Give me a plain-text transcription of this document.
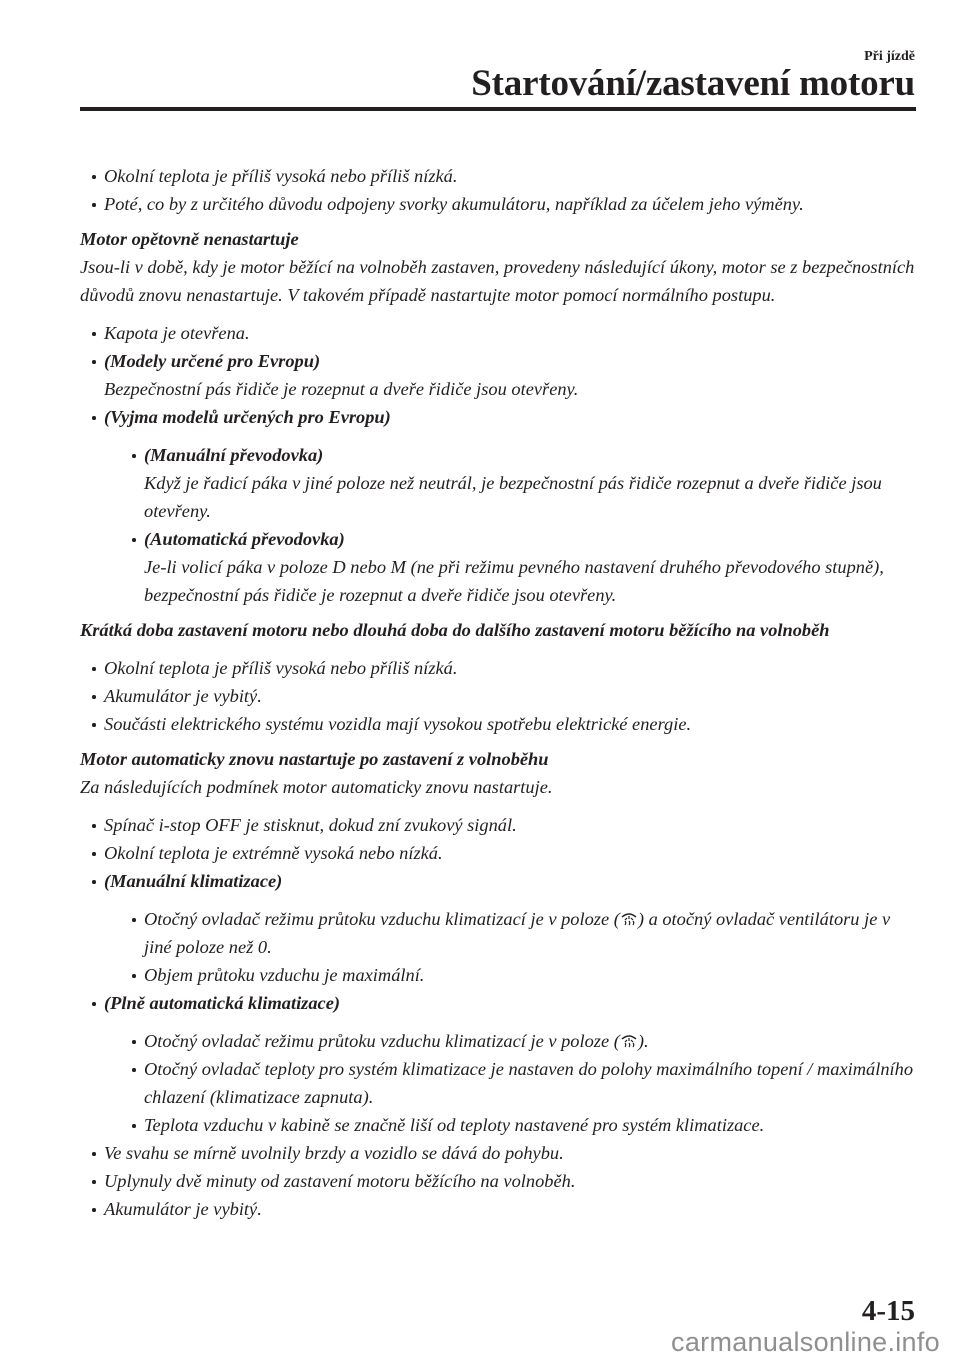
Při jízdě
Startování/zastavení motoru
Okolní teplota je příliš vysoká nebo příliš nízká.
Poté, co by z určitého důvodu odpojeny svorky akumulátoru, například za účelem jeho výměny.

Motor opětovně nenastartuje

Jsou-li v době, kdy je motor běžící na volnoběh zastaven, provedeny následující úkony, motor se z bezpečnostních důvodů znovu nenastartuje. V takovém případě nastartujte motor pomocí normálního postupu.

Kapota je otevřena.
(Modely určené pro Evropu)
Bezpečnostní pás řidiče je rozepnut a dveře řidiče jsou otevřeny.
(Vyjma modelů určených pro Evropu)
(Manuální převodovka)
Když je řadicí páka v jiné poloze než neutrál, je bezpečnostní pás řidiče rozepnut a dveře řidiče jsou otevřeny.
(Automatická převodovka)
Je-li volicí páka v poloze D nebo M (ne při režimu pevného nastavení druhého převodového stupně), bezpečnostní pás řidiče je rozepnut a dveře řidiče jsou otevřeny.

Krátká doba zastavení motoru nebo dlouhá doba do dalšího zastavení motoru běžícího na volnoběh

Okolní teplota je příliš vysoká nebo příliš nízká.
Akumulátor je vybitý.
Součásti elektrického systému vozidla mají vysokou spotřebu elektrické energie.

Motor automaticky znovu nastartuje po zastavení z volnoběhu

Za následujících podmínek motor automaticky znovu nastartuje.

Spínač i-stop OFF je stisknut, dokud zní zvukový signál.
Okolní teplota je extrémně vysoká nebo nízká.
(Manuální klimatizace)
Otočný ovladač režimu průtoku vzduchu klimatizací je v poloze ( ) a otočný ovladač ventilátoru je v jiné poloze než 0.
Objem průtoku vzduchu je maximální.
(Plně automatická klimatizace)
Otočný ovladač režimu průtoku vzduchu klimatizací je v poloze ( ).
Otočný ovladač teploty pro systém klimatizace je nastaven do polohy maximálního topení / maximálního chlazení (klimatizace zapnuta).
Teplota vzduchu v kabině se značně liší od teploty nastavené pro systém klimatizace.
Ve svahu se mírně uvolnily brzdy a vozidlo se dává do pohybu.
Uplynuly dvě minuty od zastavení motoru běžícího na volnoběh.
Akumulátor je vybitý.
4-15
carmanualsonline.info
